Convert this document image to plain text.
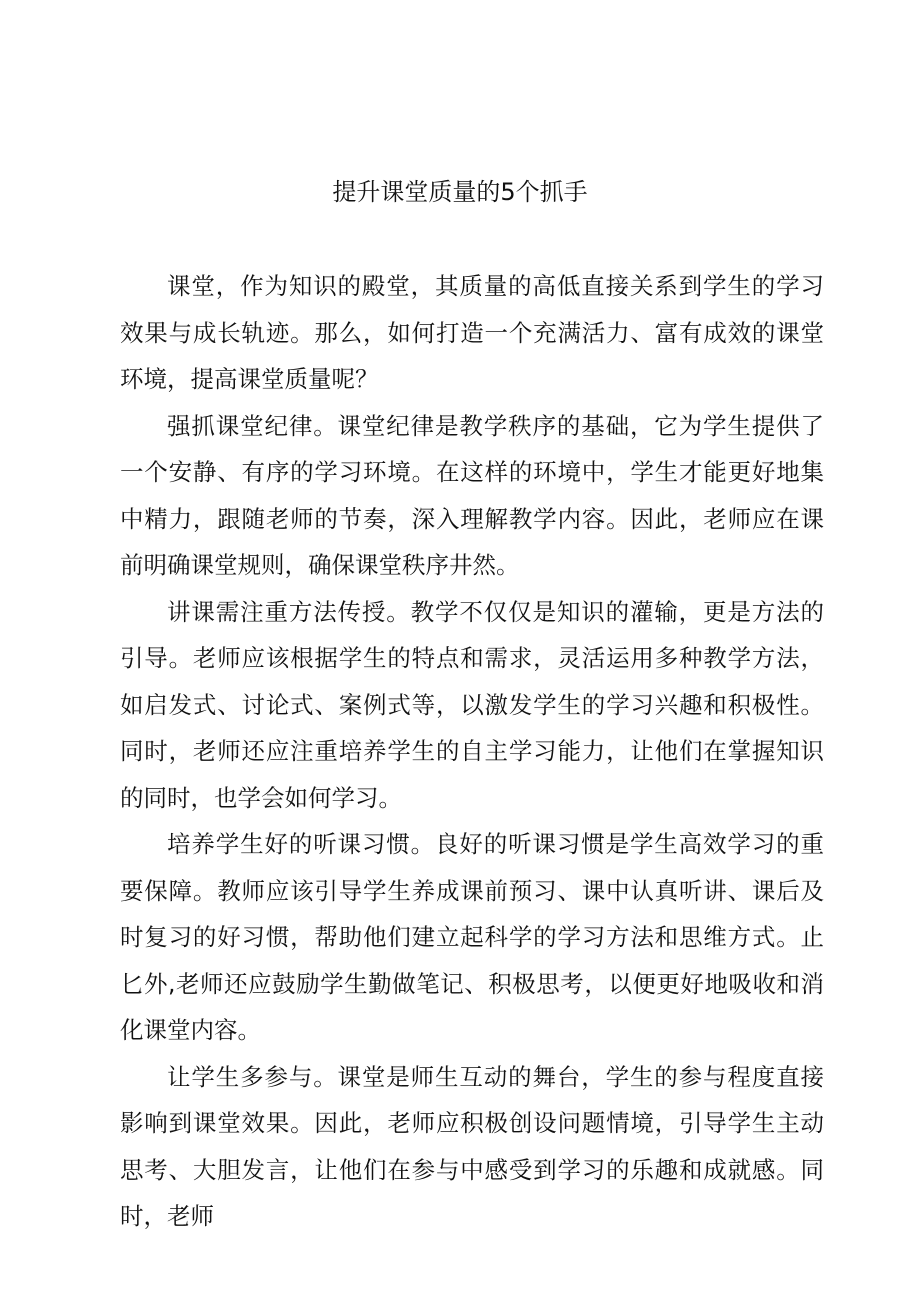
提升课堂质量的5个抓手

课堂，作为知识的殿堂，其质量的高低直接关系到学生的学习效果与成长轨迹。那么，如何打造一个充满活力、富有成效的课堂环境，提高课堂质量呢？

强抓课堂纪律。课堂纪律是教学秩序的基础，它为学生提供了一个安静、有序的学习环境。在这样的环境中，学生才能更好地集中精力，跟随老师的节奏，深入理解教学内容。因此，老师应在课前明确课堂规则，确保课堂秩序井然。

讲课需注重方法传授。教学不仅仅是知识的灌输，更是方法的引导。老师应该根据学生的特点和需求，灵活运用多种教学方法，如启发式、讨论式、案例式等，以激发学生的学习兴趣和积极性。同时，老师还应注重培养学生的自主学习能力，让他们在掌握知识的同时，也学会如何学习。

培养学生好的听课习惯。良好的听课习惯是学生高效学习的重要保障。教师应该引导学生养成课前预习、课中认真听讲、课后及时复习的好习惯，帮助他们建立起科学的学习方法和思维方式。止匕外,老师还应鼓励学生勤做笔记、积极思考，以便更好地吸收和消化课堂内容。

让学生多参与。课堂是师生互动的舞台，学生的参与程度直接影响到课堂效果。因此，老师应积极创设问题情境，引导学生主动思考、大胆发言，让他们在参与中感受到学习的乐趣和成就感。同时，老师
